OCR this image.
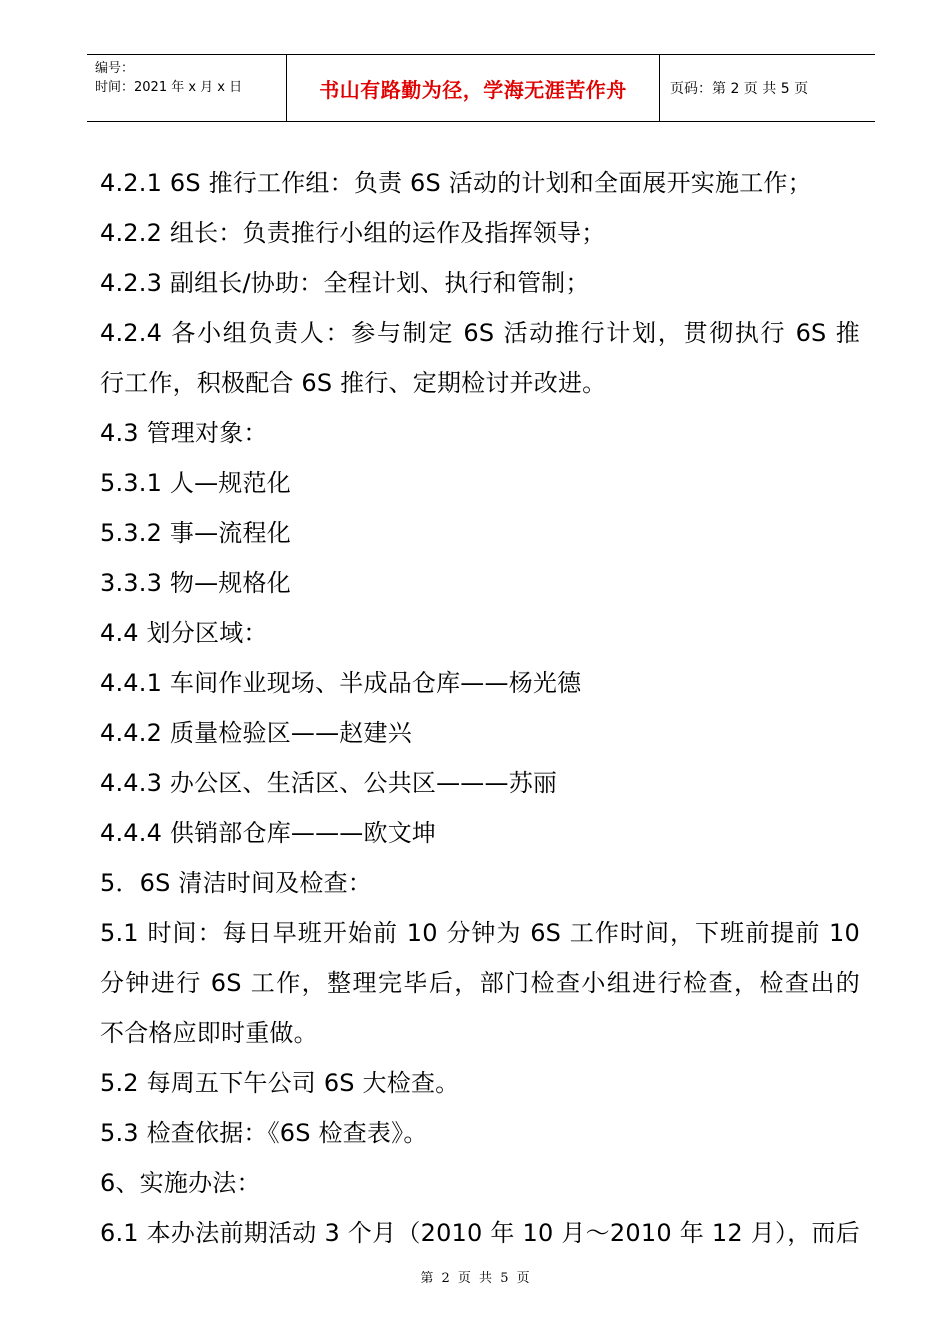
编号：
时间：2021 年 x 月 x 日	书山有路勤为径，学海无涯苦作舟	页码：第 2 页 共 5 页
4.2.1 6S 推行工作组：负责 6S 活动的计划和全面展开实施工作；
4.2.2 组长：负责推行小组的运作及指挥领导；
4.2.3 副组长/协助：全程计划、执行和管制；
4.2.4 各小组负责人：参与制定 6S 活动推行计划，贯彻执行 6S 推
行工作，积极配合 6S 推行、定期检讨并改进。
4.3 管理对象：
5.3.1 人—规范化
5.3.2 事—流程化
3.3.3 物—规格化
4.4 划分区域：
4.4.1 车间作业现场、半成品仓库——杨光德
4.4.2 质量检验区——赵建兴
4.4.3 办公区、生活区、公共区———苏丽
4.4.4 供销部仓库———欧文坤
5．6S 清洁时间及检查：
5.1 时间：每日早班开始前 10 分钟为 6S 工作时间，下班前提前 10
分钟进行 6S 工作，整理完毕后，部门检查小组进行检查，检查出的
不合格应即时重做。
5.2 每周五下午公司 6S 大检查。
5.3 检查依据：《6S 检查表》。
6、实施办法：
6.1 本办法前期活动 3 个月（2010 年 10 月～2010 年 12 月），而后
第 2 页 共 5 页
